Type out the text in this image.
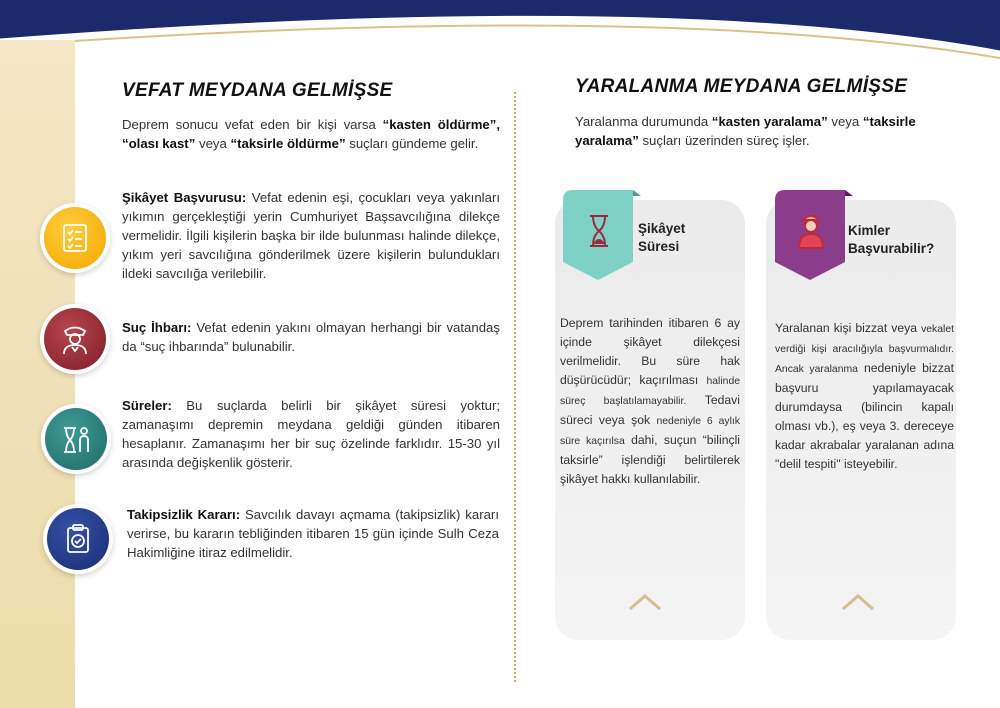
VEFAT MEYDANA GELMİŞSE
Deprem sonucu vefat eden bir kişi varsa “kasten öldürme”, “olası kast” veya “taksirle öldürme” suçları gündeme gelir.
Şikâyet Başvurusu: Vefat edenin eşi, çocukları veya yakınları yıkımın gerçekleştiği yerin Cumhuriyet Başsavcılığına dilekçe vermelidir. İlgili kişilerin başka bir ilde bulunması halinde dilekçe, yıkım yeri savcılığına gönderilmek üzere kişilerin bulundukları ildeki savcılığa verilebilir.
Suç İhbarı: Vefat edenin yakını olmayan herhangi bir vatandaş da “suç ihbarında” bulunabilir.
Süreler: Bu suçlarda belirli bir şikâyet süresi yoktur; zamanaşımı depremin meydana geldiği günden itibaren hesaplanır. Zamanaşımı her bir suç özelinde farklıdır. 15-30 yıl arasında değişkenlik gösterir.
Takipsizlik Kararı: Savcılık davayı açmama (takipsizlik) kararı verirse, bu kararın tebliğinden itibaren 15 gün içinde Sulh Ceza Hakimliğine itiraz edilmelidir.
YARALANMA MEYDANA GELMİŞSE
Yaralanma durumunda “kasten yaralama” veya “taksirle yaralama” suçları üzerinden süreç işler.
Şikâyet
Süresi
Deprem tarihinden itibaren 6 ay içinde şikâyet dilekçesi verilmelidir. Bu süre hak düşürücüdür; kaçırılması halinde süreç başlatılamayabilir. Tedavi süreci veya şok nedeniyle 6 aylık süre kaçırılsa dahi, suçun “bilinçli taksirle” işlendiği belirtilerek şikâyet hakkı kullanılabilir.
Kimler
Başvurabilir?
Yaralanan kişi bizzat veya vekalet verdiği kişi aracılığıyla başvurmalıdır. Ancak yaralanma nedeniyle bizzat başvuru yapılamayacak durumdaysa (bilincin kapalı olması vb.), eş veya 3. dereceye kadar akrabalar yaralanan adına "delil tespiti" isteyebilir.
